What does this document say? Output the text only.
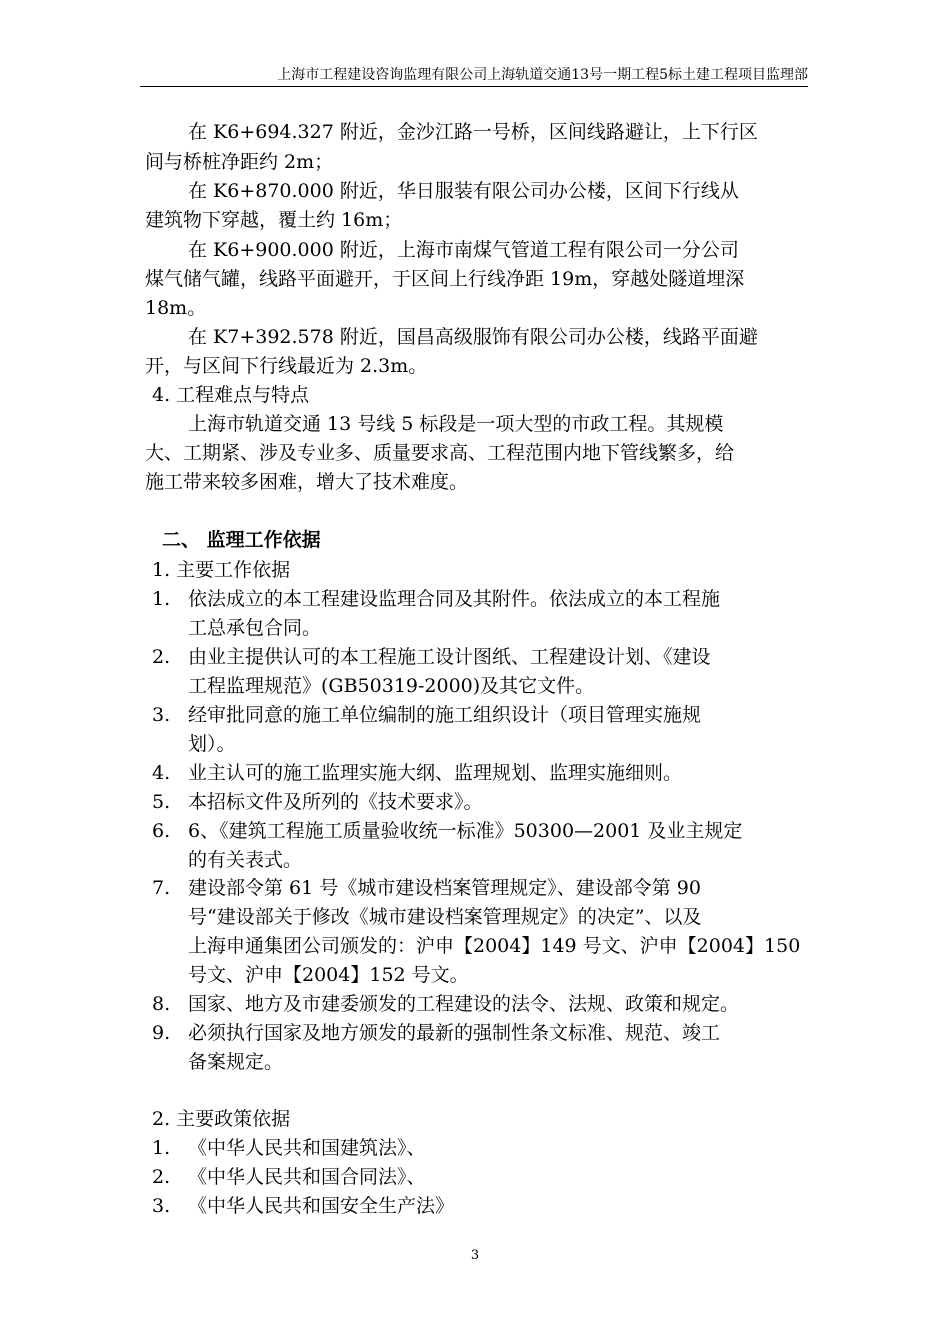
上海市工程建设咨询监理有限公司上海轨道交通13号一期工程5标土建工程项目监理部
在 K6+694.327 附近，金沙江路一号桥，区间线路避让，上下行区
间与桥桩净距约 2m；
在 K6+870.000 附近，华日服装有限公司办公楼，区间下行线从
建筑物下穿越，覆土约 16m；
在 K6+900.000 附近，上海市南煤气管道工程有限公司一分公司
煤气储气罐，线路平面避开，于区间上行线净距 19m，穿越处隧道埋深
18m。
在 K7+392.578 附近，国昌高级服饰有限公司办公楼，线路平面避
开，与区间下行线最近为 2.3m。
4. 工程难点与特点
上海市轨道交通 13 号线 5 标段是一项大型的市政工程。其规模
大、工期紧、涉及专业多、质量要求高、工程范围内地下管线繁多，给
施工带来较多困难，增大了技术难度。
二、 监理工作依据
1. 主要工作依据
1. 依法成立的本工程建设监理合同及其附件。依法成立的本工程施
工总承包合同。
2. 由业主提供认可的本工程施工设计图纸、工程建设计划、《建设
工程监理规范》(GB50319-2000)及其它文件。
3. 经审批同意的施工单位编制的施工组织设计（项目管理实施规
划）。
4. 业主认可的施工监理实施大纲、监理规划、监理实施细则。
5. 本招标文件及所列的《技术要求》。
6. 6、《建筑工程施工质量验收统一标准》50300—2001 及业主规定
的有关表式。
7. 建设部令第 61 号《城市建设档案管理规定》、建设部令第 90
号“建设部关于修改《城市建设档案管理规定》的决定”、以及
上海申通集团公司颁发的：沪申【2004】149 号文、沪申【2004】150
号文、沪申【2004】152 号文。
8. 国家、地方及市建委颁发的工程建设的法令、法规、政策和规定。
9. 必须执行国家及地方颁发的最新的强制性条文标准、规范、竣工
备案规定。
2. 主要政策依据
1. 《中华人民共和国建筑法》、
2. 《中华人民共和国合同法》、
3. 《中华人民共和国安全生产法》
3
